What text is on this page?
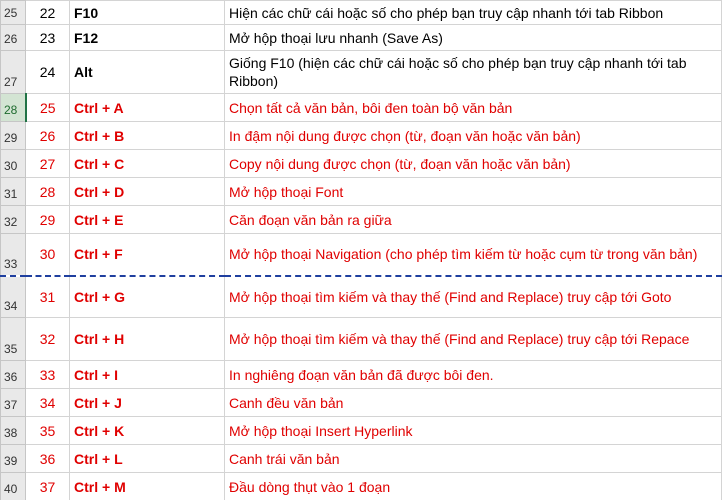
25	22	F10	Hiện các chữ cái hoặc số cho phép bạn truy cập nhanh tới tab Ribbon
26	23	F12	Mở hộp thoại lưu nhanh (Save As)
27	24	Alt	Giống F10 (hiện các chữ cái hoặc số cho phép bạn truy cập nhanh tới tab Ribbon)
28	25	Ctrl + A	Chọn tất cả văn bản, bôi đen toàn bộ văn bản
29	26	Ctrl + B	In đậm nội dung được chọn (từ, đoạn văn hoặc văn bản)
30	27	Ctrl + C	Copy nội dung được chọn (từ, đoạn văn hoặc văn bản)
31	28	Ctrl + D	Mở hộp thoại Font
32	29	Ctrl + E	Căn đoạn văn bản ra giữa
33	30	Ctrl + F	Mở hộp thoại Navigation (cho phép tìm kiếm từ hoặc cụm từ trong văn bản)
34	31	Ctrl + G	Mở hộp thoại tìm kiếm và thay thế (Find and Replace) truy cập tới Goto
35	32	Ctrl + H	Mở hộp thoại tìm kiếm và thay thế (Find and Replace) truy cập tới Repace
36	33	Ctrl + I	In nghiêng đoạn văn bản đã được bôi đen.
37	34	Ctrl + J	Canh đều văn bản
38	35	Ctrl + K	Mở hộp thoại Insert Hyperlink
39	36	Ctrl + L	Canh trái văn bản
40	37	Ctrl + M	Đầu dòng thụt vào 1 đoạn
